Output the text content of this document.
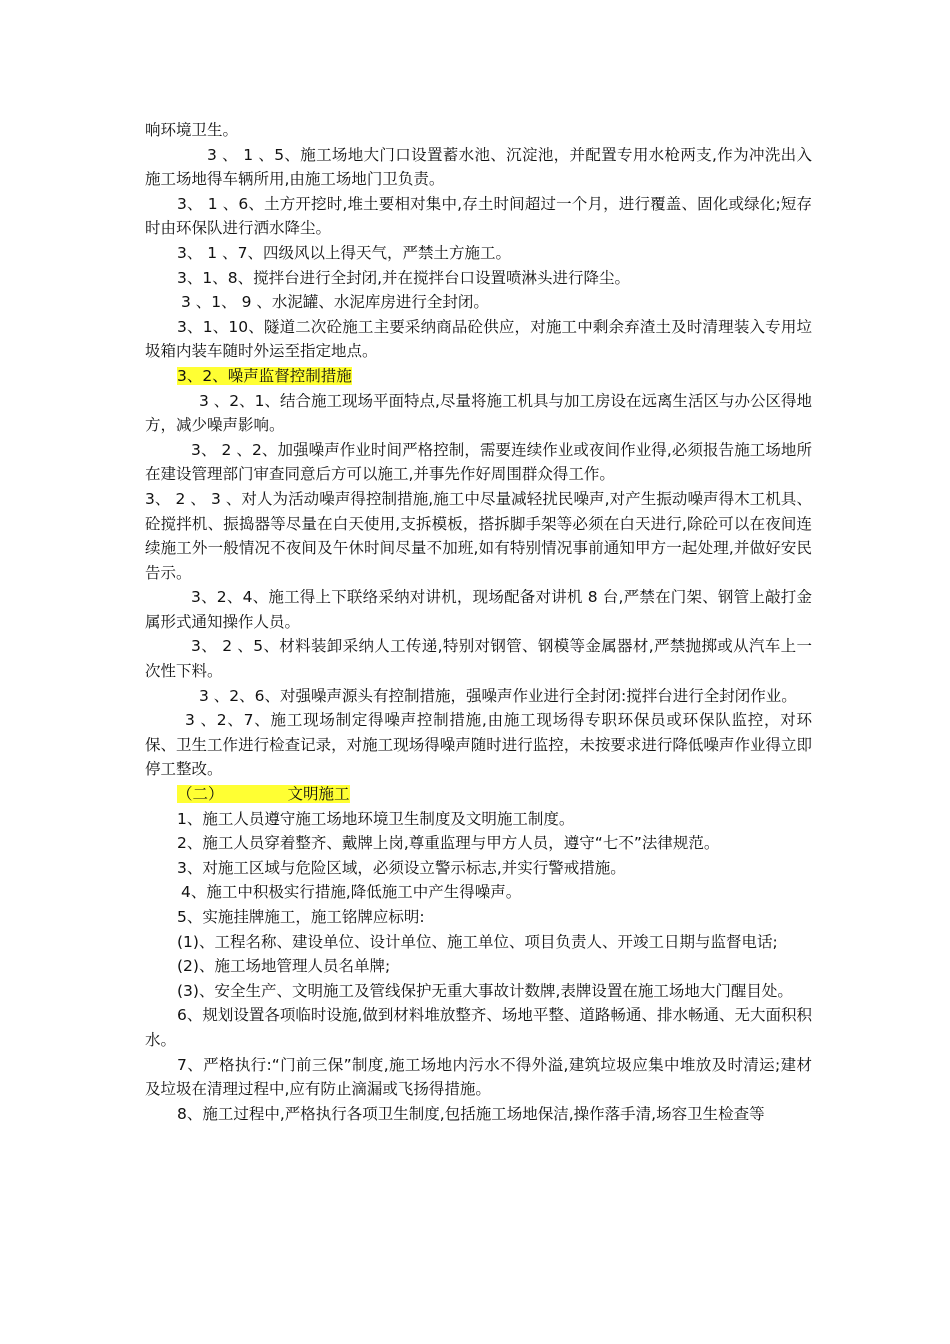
响环境卫生。

3 、 1 、5、施工场地大门口设置蓄水池、沉淀池，并配置专用水枪两支,作为冲洗出入施工场地得车辆所用,由施工场地门卫负责。

3、 1 、6、土方开挖时,堆土要相对集中,存土时间超过一个月，进行覆盖、固化或绿化;短存时由环保队进行洒水降尘。

3、 1 、7、四级风以上得天气，严禁土方施工。

3、1、8、搅拌台进行全封闭,并在搅拌台口设置喷淋头进行降尘。

3 、1、 9 、水泥罐、水泥库房进行全封闭。

3、1、10、隧道二次砼施工主要采纳商品砼供应，对施工中剩余弃渣土及时清理装入专用垃圾箱内装车随时外运至指定地点。

3、2、噪声监督控制措施

3 、2、1、结合施工现场平面特点,尽量将施工机具与加工房设在远离生活区与办公区得地方，减少噪声影响。

3、 2 、2、加强噪声作业时间严格控制，需要连续作业或夜间作业得,必须报告施工场地所在建设管理部门审查同意后方可以施工,并事先作好周围群众得工作。

3、 2 、 3 、对人为活动噪声得控制措施,施工中尽量减轻扰民噪声,对产生振动噪声得木工机具、砼搅拌机、振捣器等尽量在白天使用,支拆模板，搭拆脚手架等必须在白天进行,除砼可以在夜间连续施工外一般情况不夜间及午休时间尽量不加班,如有特别情况事前通知甲方一起处理,并做好安民告示。

3、2、4、施工得上下联络采纳对讲机，现场配备对讲机 8 台,严禁在门架、钢管上敲打金属形式通知操作人员。

3、 2 、5、材料装卸采纳人工传递,特别对钢管、钢模等金属器材,严禁抛掷或从汽车上一次性下料。

3 、2、6、对强噪声源头有控制措施，强噪声作业进行全封闭:搅拌台进行全封闭作业。

3 、2、7、施工现场制定得噪声控制措施,由施工现场得专职环保员或环保队监控，对环保、卫生工作进行检查记录，对施工现场得噪声随时进行监控，未按要求进行降低噪声作业得立即停工整改。

（二）	文明施工

1、施工人员遵守施工场地环境卫生制度及文明施工制度。

2、施工人员穿着整齐、戴牌上岗,尊重监理与甲方人员，遵守“七不”法律规范。

3、对施工区域与危险区域，必须设立警示标志,并实行警戒措施。

4、施工中积极实行措施,降低施工中产生得噪声。

5、实施挂牌施工，施工铭牌应标明:

(1)、工程名称、建设单位、设计单位、施工单位、项目负责人、开竣工日期与监督电话;

(2)、施工场地管理人员名单牌;

(3)、安全生产、文明施工及管线保护无重大事故计数牌,表牌设置在施工场地大门醒目处。

6、规划设置各项临时设施,做到材料堆放整齐、场地平整、道路畅通、排水畅通、无大面积积水。

7、严格执行:“门前三保”制度,施工场地内污水不得外溢,建筑垃圾应集中堆放及时清运;建材及垃圾在清理过程中,应有防止滴漏或飞扬得措施。

8、施工过程中,严格执行各项卫生制度,包括施工场地保洁,操作落手清,场容卫生检查等
